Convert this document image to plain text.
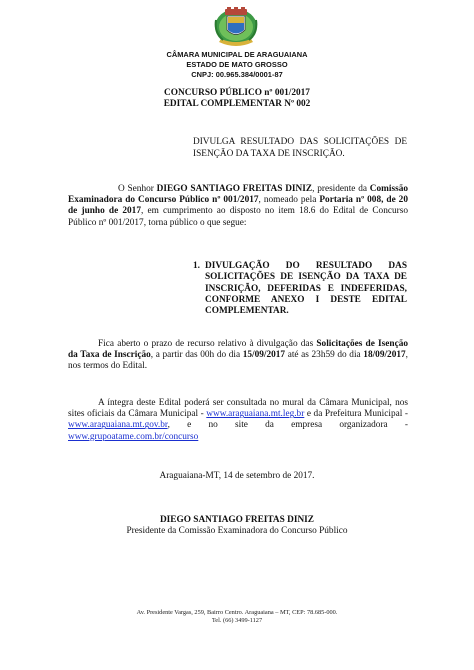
CÂMARA MUNICIPAL DE ARAGUAIANA
ESTADO DE MATO GROSSO
CNPJ: 00.965.384/0001-87
CONCURSO PÚBLICO nº 001/2017
EDITAL COMPLEMENTAR Nº 002
DIVULGA RESULTADO DAS SOLICITAÇÕES DE ISENÇÃO DA TAXA DE INSCRIÇÃO.
O Senhor DIEGO SANTIAGO FREITAS DINIZ, presidente da Comissão Examinadora do Concurso Público nº 001/2017, nomeado pela Portaria nº 008, de 20 de junho de 2017, em cumprimento ao disposto no item 18.6 do Edital de Concurso Público nº 001/2017, torna público o que segue:
1. DIVULGAÇÃO DO RESULTADO DAS SOLICITAÇÕES DE ISENÇÃO DA TAXA DE INSCRIÇÃO, DEFERIDAS E INDEFERIDAS, CONFORME ANEXO I DESTE EDITAL COMPLEMENTAR.
Fica aberto o prazo de recurso relativo à divulgação das Solicitações de Isenção da Taxa de Inscrição, a partir das 00h do dia 15/09/2017 até as 23h59 do dia 18/09/2017, nos termos do Edital.
A íntegra deste Edital poderá ser consultada no mural da Câmara Municipal, nos sites oficiais da Câmara Municipal - www.araguaiana.mt.leg.br e da Prefeitura Municipal - www.araguaiana.mt.gov.br, e no site da empresa organizadora - www.grupoatame.com.br/concurso
Araguaiana-MT, 14 de setembro de 2017.
DIEGO SANTIAGO FREITAS DINIZ
Presidente da Comissão Examinadora do Concurso Público
Av. Presidente Vargas, 259, Bairro Centro. Araguaiana – MT, CEP: 78.685-000.
Tel. (66) 3499-1127
